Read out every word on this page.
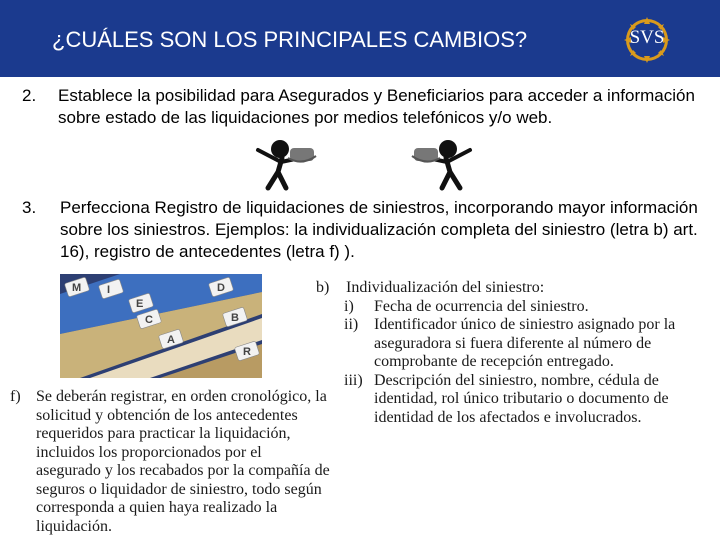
¿CUÁLES SON LOS PRINCIPALES CAMBIOS?	SVS
2. Establece la posibilidad para Asegurados y Beneficiarios para acceder a información sobre estado de las liquidaciones por medios telefónicos y/o web.
3. Perfecciona Registro de liquidaciones de siniestros, incorporando mayor información sobre los siniestros. Ejemplos: la individualización completa del siniestro (letra b) art. 16), registro de antecedentes (letra f) ).
M I
E
C
A
D
B
R
b) Individualización del siniestro:
i) Fecha de ocurrencia del siniestro.
ii) Identificador único de siniestro asignado por la aseguradora si fuera diferente al número de comprobante de recepción entregado.
iii) Descripción del siniestro, nombre, cédula de identidad, rol único tributario o documento de identidad de los afectados e involucrados.
f) Se deberán registrar, en orden cronológico, la solicitud y obtención de los antecedentes requeridos para practicar la liquidación, incluidos los proporcionados por el asegurado y los recabados por la compañía de seguros o liquidador de siniestro, todo según corresponda a quien haya realizado la liquidación.
